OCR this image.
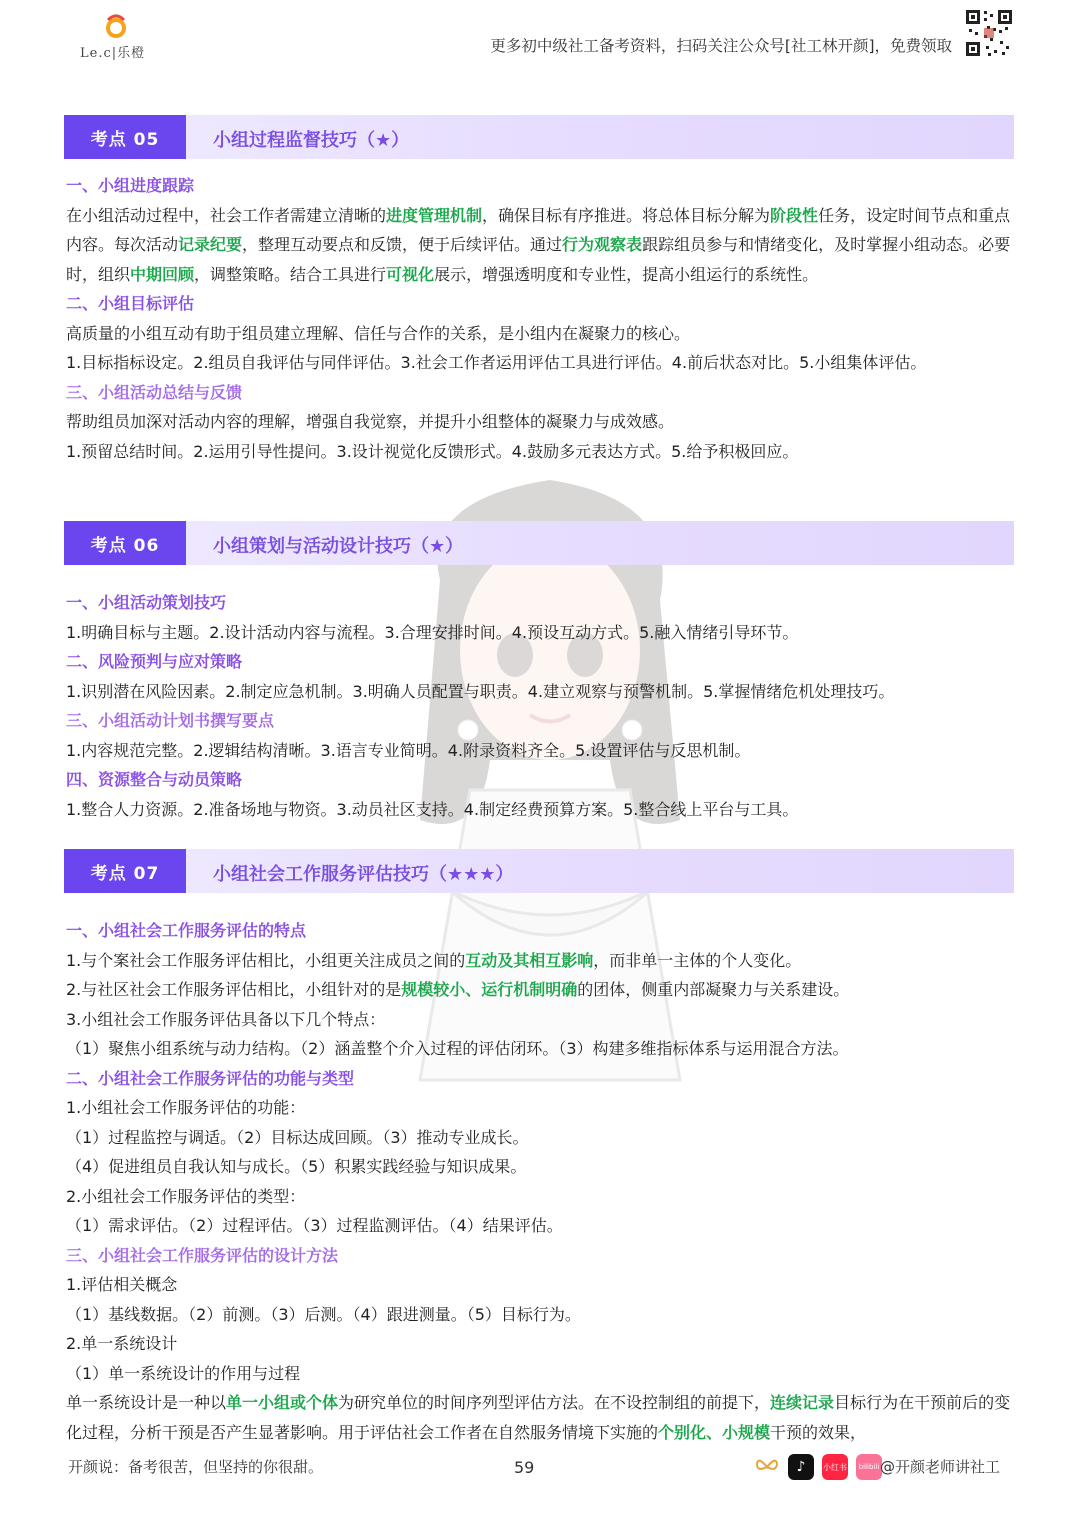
Le.c|乐橙	更多初中级社工备考资料，扫码关注公众号[社工林开颜]，免费领取
考点 05	小组过程监督技巧（★）
一、小组进度跟踪
在小组活动过程中，社会工作者需建立清晰的进度管理机制，确保目标有序推进。将总体目标分解为阶段性任务，设定时间节点和重点内容。每次活动记录纪要，整理互动要点和反馈，便于后续评估。通过行为观察表跟踪组员参与和情绪变化，及时掌握小组动态。必要时，组织中期回顾，调整策略。结合工具进行可视化展示，增强透明度和专业性，提高小组运行的系统性。
二、小组目标评估
高质量的小组互动有助于组员建立理解、信任与合作的关系，是小组内在凝聚力的核心。
1.目标指标设定。2.组员自我评估与同伴评估。3.社会工作者运用评估工具进行评估。4.前后状态对比。5.小组集体评估。
三、小组活动总结与反馈
帮助组员加深对活动内容的理解，增强自我觉察，并提升小组整体的凝聚力与成效感。
1.预留总结时间。2.运用引导性提问。3.设计视觉化反馈形式。4.鼓励多元表达方式。5.给予积极回应。
考点 06	小组策划与活动设计技巧（★）
一、小组活动策划技巧
1.明确目标与主题。2.设计活动内容与流程。3.合理安排时间。4.预设互动方式。5.融入情绪引导环节。
二、风险预判与应对策略
1.识别潜在风险因素。2.制定应急机制。3.明确人员配置与职责。4.建立观察与预警机制。5.掌握情绪危机处理技巧。
三、小组活动计划书撰写要点
1.内容规范完整。2.逻辑结构清晰。3.语言专业简明。4.附录资料齐全。5.设置评估与反思机制。
四、资源整合与动员策略
1.整合人力资源。2.准备场地与物资。3.动员社区支持。4.制定经费预算方案。5.整合线上平台与工具。
考点 07	小组社会工作服务评估技巧（★★★）
一、小组社会工作服务评估的特点
1.与个案社会工作服务评估相比，小组更关注成员之间的互动及其相互影响，而非单一主体的个人变化。
2.与社区社会工作服务评估相比，小组针对的是规模较小、运行机制明确的团体，侧重内部凝聚力与关系建设。
3.小组社会工作服务评估具备以下几个特点：
（1）聚焦小组系统与动力结构。（2）涵盖整个介入过程的评估闭环。（3）构建多维指标体系与运用混合方法。
二、小组社会工作服务评估的功能与类型
1.小组社会工作服务评估的功能：
（1）过程监控与调适。（2）目标达成回顾。（3）推动专业成长。
（4）促进组员自我认知与成长。（5）积累实践经验与知识成果。
2.小组社会工作服务评估的类型：
（1）需求评估。（2）过程评估。（3）过程监测评估。（4）结果评估。
三、小组社会工作服务评估的设计方法
1.评估相关概念
（1）基线数据。（2）前测。（3）后测。（4）跟进测量。（5）目标行为。
2.单一系统设计
（1）单一系统设计的作用与过程
单一系统设计是一种以单一小组或个体为研究单位的时间序列型评估方法。在不设控制组的前提下，连续记录目标行为在干预前后的变化过程，分析干预是否产生显著影响。用于评估社会工作者在自然服务情境下实施的个别化、小规模干预的效果，
开颜说：备考很苦，但坚持的你很甜。	59	♪	小红书	bilibili @开颜老师讲社工
